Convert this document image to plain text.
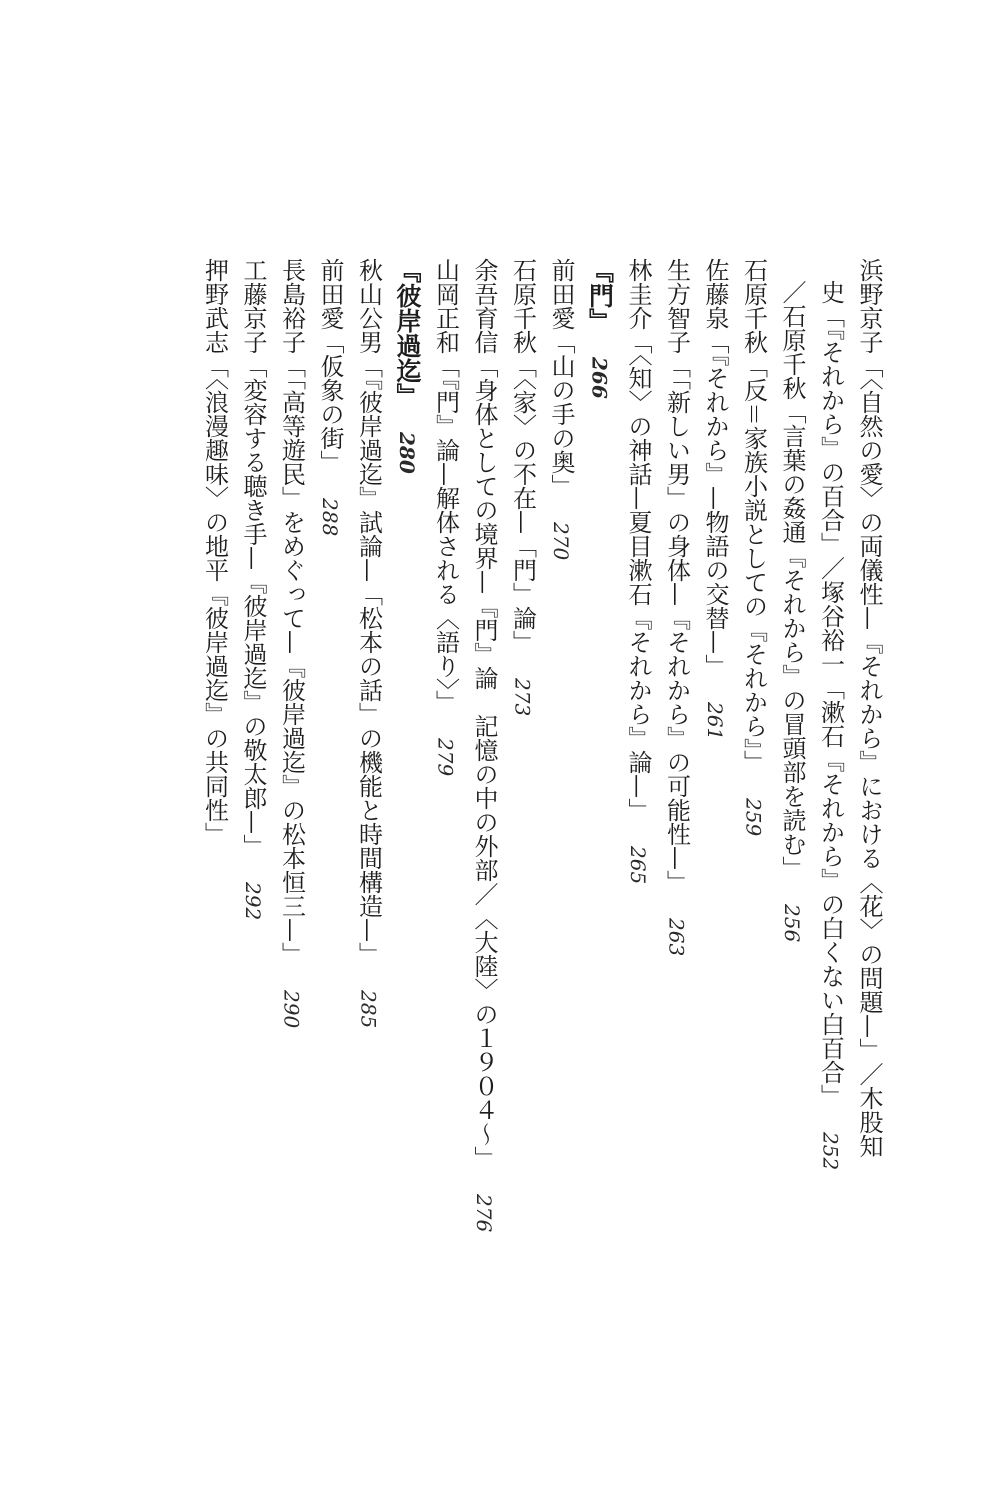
浜野京子「〈自然の愛〉の両儀性—『それから』における〈花〉の問題—」／木股知
史「『それから』の百合」／塚谷裕一「漱石『それから』の白くない白百合」252
／石原千秋「言葉の姦通『それから』の冒頭部を読む」256
石原千秋「反＝家族小説としての『それから』」259
佐藤泉「『それから』—物語の交替—」261
生方智子「「新しい男」の身体—『それから』の可能性—」263
林圭介「〈知〉の神話—夏目漱石『それから』論—」265
『門』266
前田愛「山の手の奥」270
石原千秋「〈家〉の不在—「門」論」273
余吾育信「身体としての境界—『門』論　記憶の中の外部／〈大陸〉の１９０４〜」276
山岡正和「『門』論—解体される〈語り〉」279
『彼岸過迄』280
秋山公男「『彼岸過迄』試論—「松本の話」の機能と時間構造—」285
前田愛「仮象の街」288
長島裕子「「高等遊民」をめぐって—『彼岸過迄』の松本恒三—」290
工藤京子「変容する聴き手—『彼岸過迄』の敬太郎—」292
押野武志「〈浪漫趣味〉の地平『彼岸過迄』の共同性」
